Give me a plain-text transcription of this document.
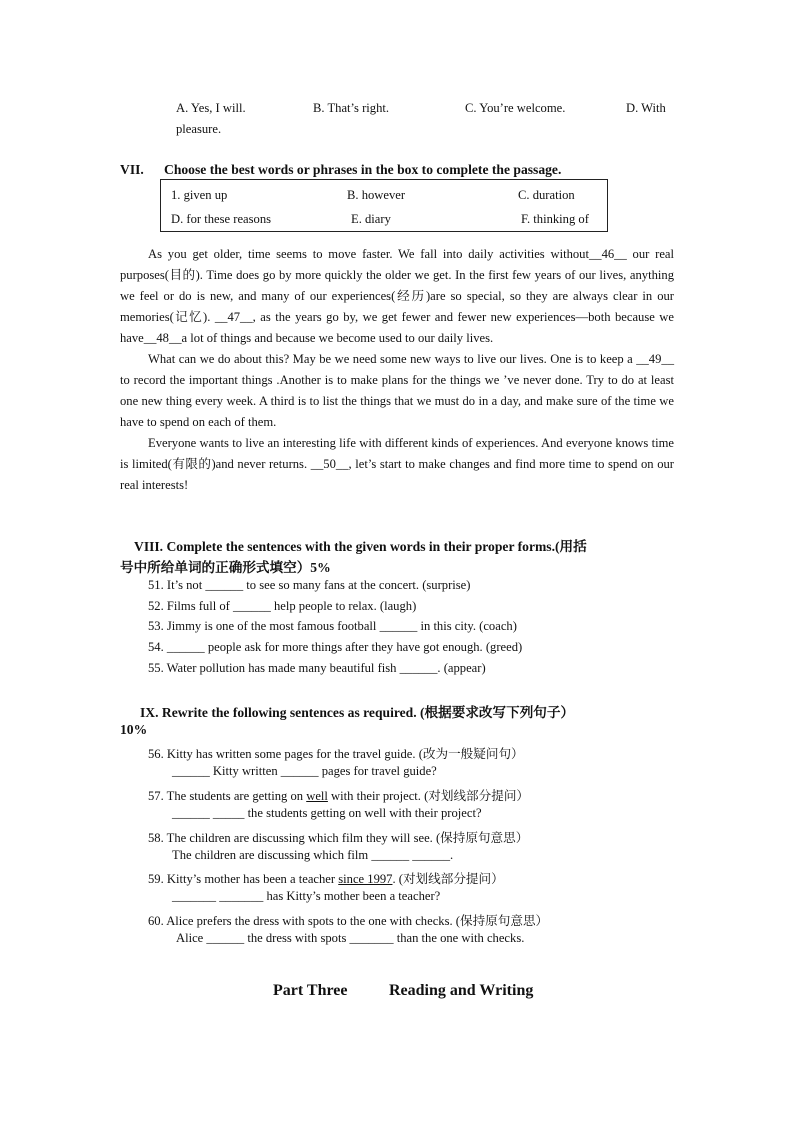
A. Yes, I will.	B. That’s right.	C. You’re welcome.	D. With
pleasure.
VII. Choose the best words or phrases in the box to complete the passage.
1. given up	B. however	C. duration
D. for these reasons	E. diary	F. thinking of

As you get older, time seems to move faster. We fall into daily activities without__46__ our real purposes(目的). Time does go by more quickly the older we get. In the first few years of our lives, anything we feel or do is new, and many of our experiences(经历)are so special, so they are always clear in our memories(记忆). __47__, as the years go by, we get fewer and fewer new experiences—both because we have__48__a lot of things and because we become used to our daily lives.

What can we do about this? May be we need some new ways to live our lives. One is to keep a __49__ to record the important things .Another is to make plans for the things we ’ve never done. Try to do at least one new thing every week. A third is to list the things that we must do in a day, and make sure of the time we have to spend on each of them.

Everyone wants to live an interesting life with different kinds of experiences. And everyone knows time is limited(有限的)and never returns. __50__, let’s start to make changes and find more time to spend on our real interests!

VIII. Complete the sentences with the given words in their proper forms.(用括
号中所给单词的正确形式填空）5%
51. It’s not ______ to see so many fans at the concert. (surprise)
52. Films full of ______ help people to relax. (laugh)
53. Jimmy is one of the most famous football ______ in this city. (coach)
54. ______ people ask for more things after they have got enough. (greed)
55. Water pollution has made many beautiful fish ______. (appear)
IX. Rewrite the following sentences as required. (根据要求改写下列句子）
10%
56. Kitty has written some pages for the travel guide. (改为一般疑问句）
______ Kitty written ______ pages for travel guide?
57. The students are getting on well with their project. (对划线部分提问）
______ _____ the students getting on well with their project?
58. The children are discussing which film they will see. (保持原句意思）
The children are discussing which film ______ ______.
59. Kitty’s mother has been a teacher since 1997. (对划线部分提问）
_______ _______ has Kitty’s mother been a teacher?
60. Alice prefers the dress with spots to the one with checks. (保持原句意思）
Alice ______ the dress with spots _______ than the one with checks.
Part Three	Reading and Writing
